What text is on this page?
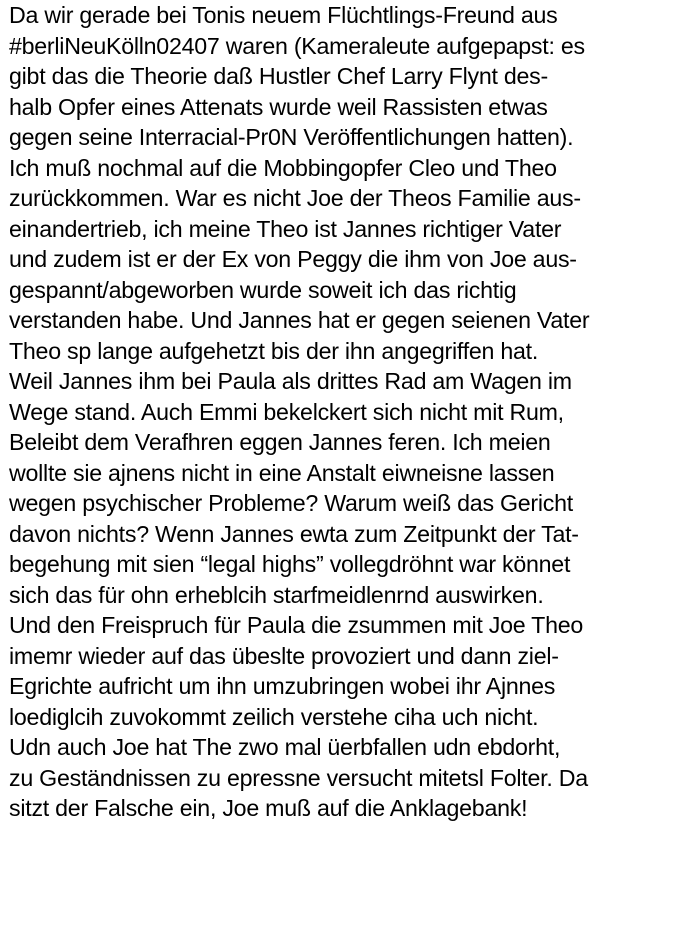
Da wir gerade bei Tonis neuem Flüchtlings-Freund aus
#berliNeuKölln02407 waren (Kameraleute aufgepapst: es
gibt das die Theorie daß Hustler Chef Larry Flynt des-
halb Opfer eines Attenats wurde weil Rassisten etwas
gegen seine Interracial-Pr0N Veröffentlichungen hatten).
Ich muß nochmal auf die Mobbingopfer Cleo und Theo
zurückkommen. War es nicht Joe der Theos Familie aus-
einandertrieb, ich meine Theo ist Jannes richtiger Vater
und zudem ist er der Ex von Peggy die ihm von Joe aus-
gespannt/abgeworben wurde soweit ich das richtig
verstanden habe. Und Jannes hat er gegen seienen Vater
Theo sp lange aufgehetzt bis der ihn angegriffen hat.
Weil Jannes ihm bei Paula als drittes Rad am Wagen im
Wege stand. Auch Emmi bekelckert sich nicht mit Rum,
Beleibt dem Verafhren eggen Jannes feren. Ich meien
wollte sie ajnens nicht in eine Anstalt eiwneisne lassen
wegen psychischer Probleme? Warum weiß das Gericht
davon nichts? Wenn Jannes ewta zum Zeitpunkt der Tat-
begehung mit sien “legal highs” vollegdröhnt war könnet
sich das für ohn erheblcih starfmeidlenrnd auswirken.
Und den Freispruch für Paula die zsummen mit Joe Theo
imemr wieder auf das übeslte provoziert und dann ziel-
Egrichte aufricht um ihn umzubringen wobei ihr Ajnnes
loediglcih zuvokommt zeilich verstehe ciha uch nicht.
Udn auch Joe hat The zwo mal üerbfallen udn ebdorht,
zu Geständnissen zu epressne versucht mitetsl Folter. Da
sitzt der Falsche ein, Joe muß auf die Anklagebank!
